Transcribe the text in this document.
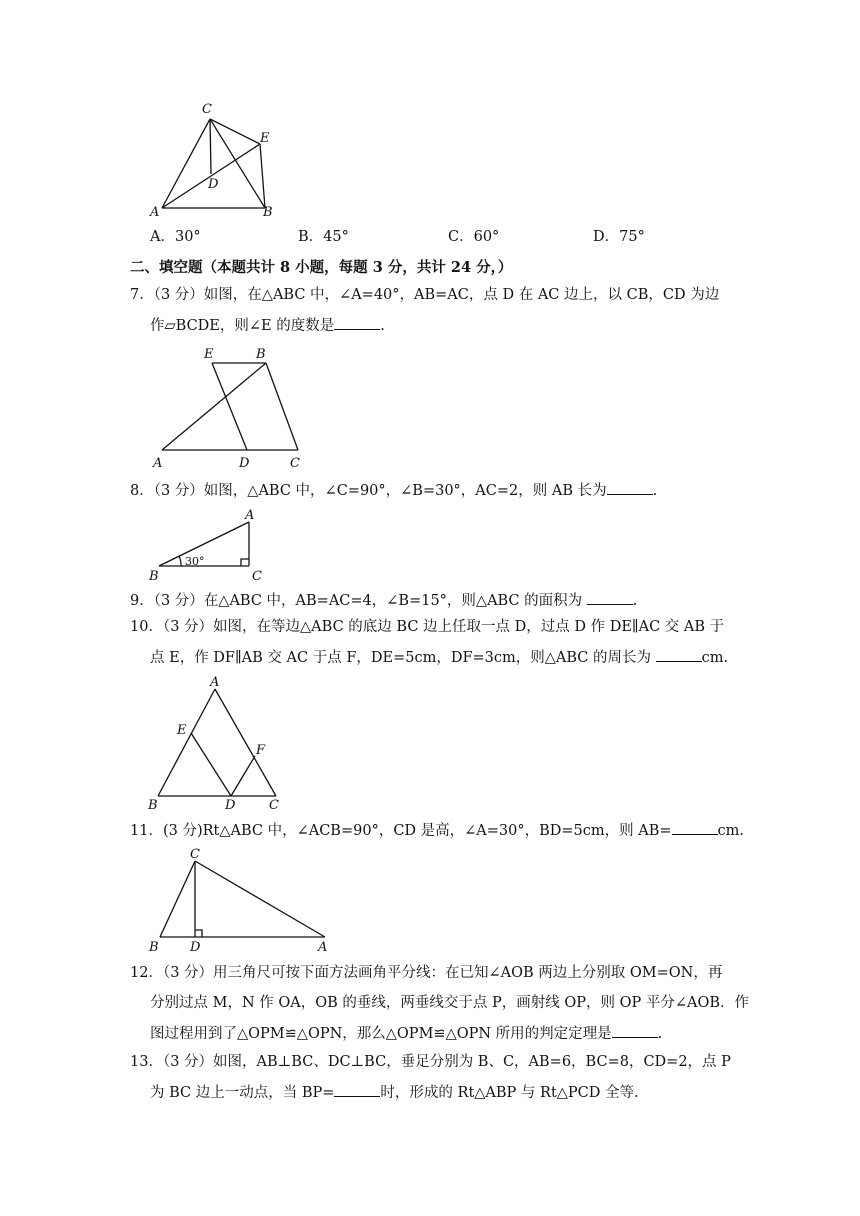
C
E
D
A	B
A．30°	B．45°	C．60°	D．75°
二、填空题（本题共计 8 小题，每题 3 分，共计 24 分，）
7．（3 分）如图，在△ABC 中，∠A=40°，AB=AC，点 D 在 AC 边上，以 CB，CD 为边
作▱BCDE，则∠E 的度数是	.
E	B
A	D	C
8．（3 分）如图，△ABC 中，∠C=90°，∠B=30°，AC=2，则 AB 长为	.
30°
A
B	C
9．（3 分）在△ABC 中，AB=AC=4，∠B=15°，则△ABC 的面积为	.
10．（3 分）如图，在等边△ABC 的底边 BC 边上任取一点 D，过点 D 作 DE∥AC 交 AB 于
点 E，作 DF∥AB 交 AC 于点 F，DE=5cm，DF=3cm，则△ABC 的周长为	cm.
A
E
F
B	D	C
11．(3 分)Rt△ABC 中，∠ACB=90°，CD 是高，∠A=30°，BD=5cm，则 AB=	cm.
C
B D	A
12．（3 分）用三角尺可按下面方法画角平分线：在已知∠AOB 两边上分别取 OM=ON，再
分别过点 M，N 作 OA，OB 的垂线，两垂线交于点 P，画射线 OP，则 OP 平分∠AOB．作
图过程用到了△OPM≌△OPN，那么△OPM≌△OPN 所用的判定定理是	.
13．（3 分）如图，AB⊥BC、DC⊥BC，垂足分别为 B、C，AB=6，BC=8，CD=2，点 P
为 BC 边上一动点，当 BP=	时，形成的 Rt△ABP 与 Rt△PCD 全等.
